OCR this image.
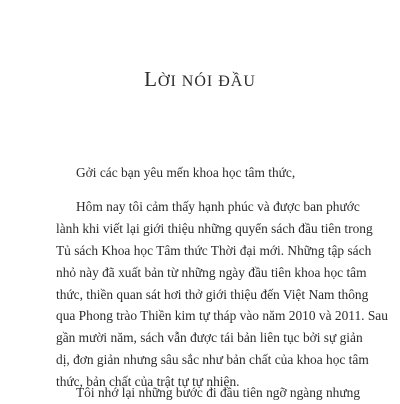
LỜI NÓI ĐẦU

Gởi các bạn yêu mến khoa học tâm thức,

Hôm nay tôi cảm thấy hạnh phúc và được ban phước
lành khi viết lại giới thiệu những quyển sách đầu tiên trong
Tủ sách Khoa học Tâm thức Thời đại mới. Những tập sách
nhỏ này đã xuất bản từ những ngày đầu tiên khoa học tâm
thức, thiền quan sát hơi thở giới thiệu đến Việt Nam thông
qua Phong trào Thiền kim tự tháp vào năm 2010 và 2011. Sau
gần mười năm, sách vẫn được tái bản liên tục bởi sự giản
dị, đơn giản nhưng sâu sắc như bản chất của khoa học tâm
thức, bản chất của trật tự tự nhiên.

Tôi nhớ lại những bước đi đầu tiên ngỡ ngàng nhưng
